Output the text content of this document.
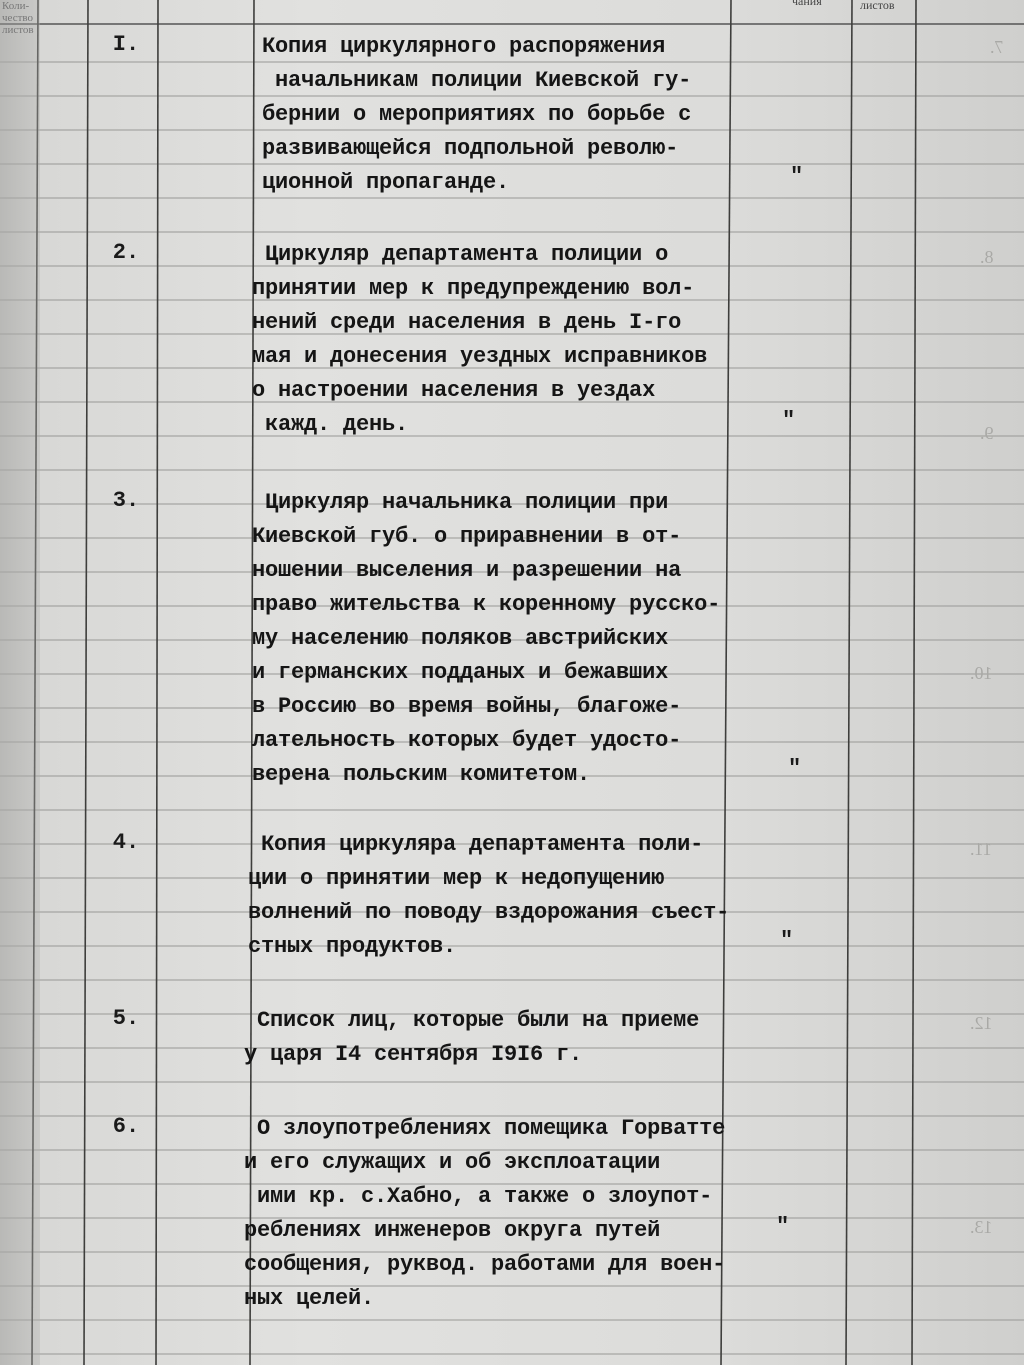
Коли-
чество
листов
чания	листов
I.	Копия циркулярного распоряжения
начальникам полиции Киевской гу-
бернии о мероприятиях по борьбе с
развивающейся подпольной револю-
ционной пропаганде.	"
2.	Циркуляр департамента полиции о
принятии мер к предупреждению вол-
нений среди населения в день I-го
мая и донесения уездных исправников
о настроении населения в уездах
кажд. день.	"
3.	Циркуляр начальника полиции при
Киевской губ. о приравнении в от-
ношении выселения и разрешении на
право жительства к коренному русско-
му населению поляков австрийских
и германских подданых и бежавших
в Россию во время войны, благоже-
лательность которых будет удосто-
верена польским комитетом.	"
4.	Копия циркуляра департамента поли-
ции о принятии мер к недопущению
волнений по поводу вздорожания съест-
стных продуктов.	"
5.	Список лиц, которые были на приеме
у царя I4 сентября I9I6 г.
6.	О злоупотреблениях помещика Горватте
и его служащих и об эксплоатации
ими кр. с.Хабно, а также о злоупот-
реблениях инженеров округа путей
сообщения, руквод. работами для воен-
ных целей.
"
7.
8.
9.
10.
11.
12.
13.
